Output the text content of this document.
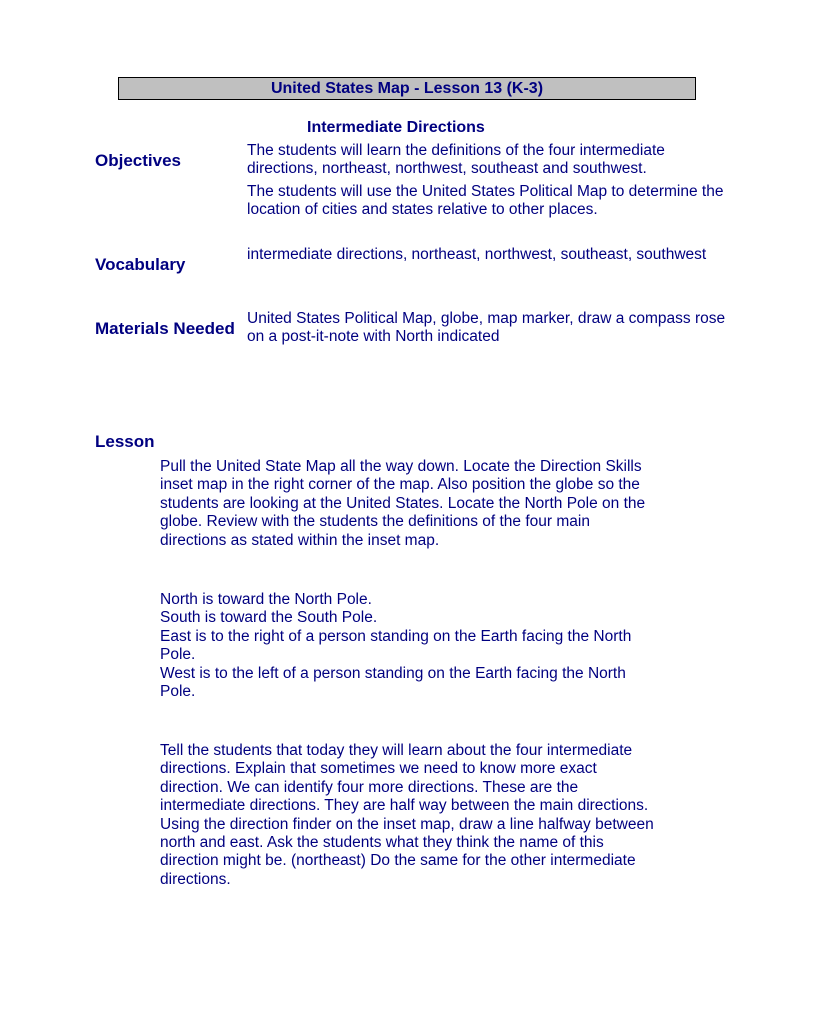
United States Map - Lesson 13 (K-3)
Intermediate Directions
Objectives

The students will learn the definitions of the four intermediate directions, northeast, northwest, southeast and southwest.

The students will use the United States Political Map to determine the location of cities and states relative to other places.

Vocabulary
intermediate directions, northeast, northwest, southeast, southwest
Materials Needed
United States Political Map, globe, map marker, draw a compass rose on a post-it-note with North indicated
Lesson
Pull the United State Map all the way down. Locate the Direction Skills inset map in the right corner of the map. Also position the globe so the students are looking at the United States. Locate the North Pole on the globe. Review with the students the definitions of the four main directions as stated within the inset map.

North is toward the North Pole.

South is toward the South Pole.

East is to the right of a person standing on the Earth facing the North Pole.

West is to the left of a person standing on the Earth facing the North Pole.

Tell the students that today they will learn about the four intermediate directions. Explain that sometimes we need to know more exact direction. We can identify four more directions. These are the intermediate directions. They are half way between the main directions. Using the direction finder on the inset map, draw a line halfway between north and east. Ask the students what they think the name of this direction might be. (northeast) Do the same for the other intermediate directions.
